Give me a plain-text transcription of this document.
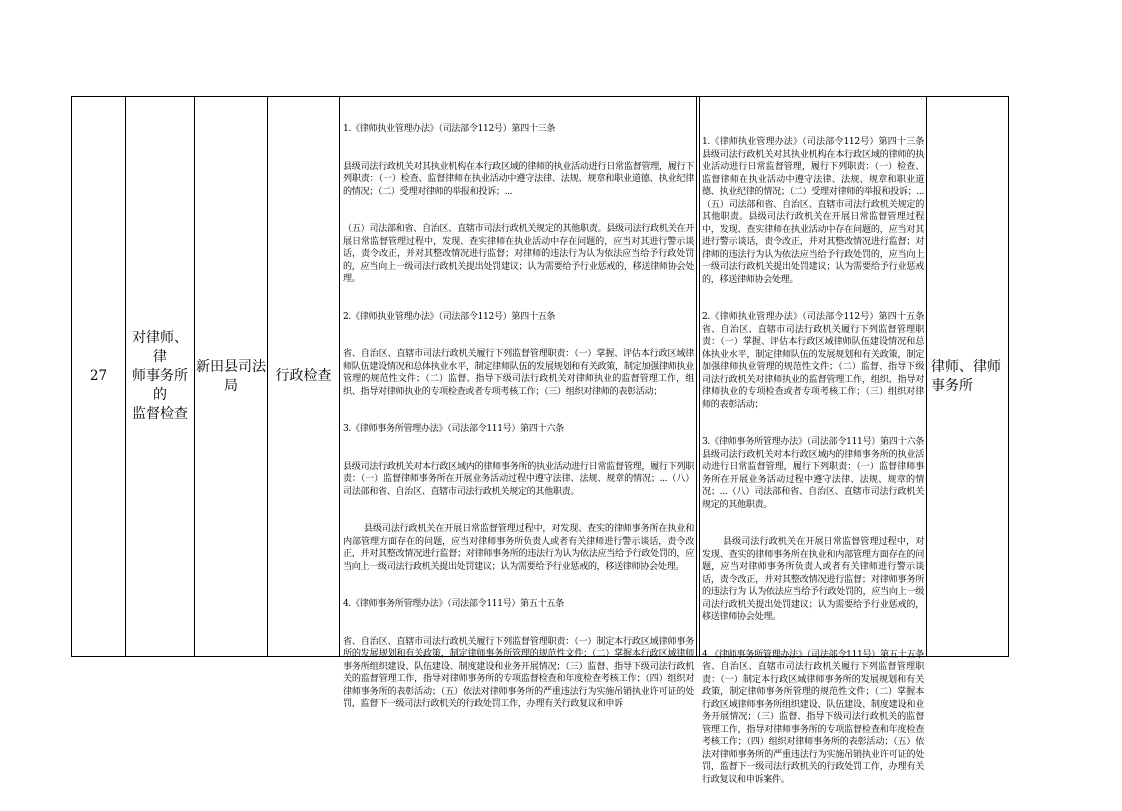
27
对律师、律
师事务所的
监督检查
新田县司法
局
行政检查

1.《律师执业管理办法》（司法部令112号）第四十三条

县级司法行政机关对其执业机构在本行政区域的律师的执业活动进行日常监督管理，履行下列职责：（一）检查、监督律师在执业活动中遵守法律、法规、规章和职业道德、执业纪律的情况；（二）受理对律师的举报和投诉；...

（五）司法部和省、自治区、直辖市司法行政机关规定的其他职责。县级司法行政机关在开展日常监督管理过程中，发现、查实律师在执业活动中存在问题的，应当对其进行警示谈话，责令改正，并对其整改情况进行监督；对律师的违法行为认为依法应当给予行政处罚的，应当向上一级司法行政机关提出处罚建议；认为需要给予行业惩戒的，移送律师协会处理。

2.《律师执业管理办法》（司法部令112号）第四十五条

省、自治区、直辖市司法行政机关履行下列监督管理职责：（一）掌握、评估本行政区域律师队伍建设情况和总体执业水平，制定律师队伍的发展规划和有关政策，制定加强律师执业管理的规范性文件；（二）监督、指导下级司法行政机关对律师执业的监督管理工作，组织、指导对律师执业的专项检查或者专项考核工作；（三）组织对律师的表彰活动；

3.《律师事务所管理办法》（司法部令111号）第四十六条

县级司法行政机关对本行政区域内的律师事务所的执业活动进行日常监督管理，履行下列职责：（一）监督律师事务所在开展业务活动过程中遵守法律、法规、规章的情况；...（八）司法部和省、自治区、直辖市司法行政机关规定的其他职责。

县级司法行政机关在开展日常监督管理过程中，对发现、查实的律师事务所在执业和内部管理方面存在的问题，应当对律师事务所负责人或者有关律师进行警示谈话，责令改正，并对其整改情况进行监督；对律师事务所的违法行为认为依法应当给予行政处罚的，应当向上一级司法行政机关提出处罚建议；认为需要给予行业惩戒的，移送律师协会处理。

4.《律师事务所管理办法》（司法部令111号）第五十五条

省、自治区、直辖市司法行政机关履行下列监督管理职责：（一）制定本行政区域律师事务所的发展规划和有关政策，制定律师事务所管理的规范性文件；（二）掌握本行政区域律师事务所组织建设、队伍建设、制度建设和业务开展情况；（三）监督、指导下级司法行政机关的监督管理工作，指导对律师事务所的专项监督检查和年度检查考核工作；（四）组织对律师事务所的表彰活动；（五）依法对律师事务所的严重违法行为实施吊销执业许可证的处罚，监督下一级司法行政机关的行政处罚工作，办理有关行政复议和申诉

1.《律师执业管理办法》（司法部令112号）第四十三条　县级司法行政机关对其执业机构在本行政区域的律师的执业活动进行日常监督管理，履行下列职责：（一）检查、监督律师在执业活动中遵守法律、法规、规章和职业道德、执业纪律的情况；（二）受理对律师的举报和投诉；...（五）司法部和省、自治区、直辖市司法行政机关规定的其他职责。县级司法行政机关在开展日常监督管理过程中，发现、查实律师在执业活动中存在问题的，应当对其进行警示谈话，责令改正，并对其整改情况进行监督；对律师的违法行为认为依法应当给予行政处罚的，应当向上一级司法行政机关提出处罚建议；认为需要给予行业惩戒的，移送律师协会处理。

2.《律师执业管理办法》（司法部令112号）第四十五条　省、自治区、直辖市司法行政机关履行下列监督管理职责：（一）掌握、评估本行政区域律师队伍建设情况和总体执业水平，制定律师队伍的发展规划和有关政策，制定加强律师执业管理的规范性文件；（二）监督、指导下级司法行政机关对律师执业的监督管理工作，组织、指导对律师执业的专项检查或者专项考核工作；（三）组织对律师的表彰活动；

3.《律师事务所管理办法》（司法部令111号）第四十六条　县级司法行政机关对本行政区域内的律师事务所的执业活动进行日常监督管理，履行下列职责：（一）监督律师事务所在开展业务活动过程中遵守法律、法规、规章的情况；...（八）司法部和省、自治区、直辖市司法行政机关规定的其他职责。

县级司法行政机关在开展日常监督管理过程中，对发现、查实的律师事务所在执业和内部管理方面存在的问题，应当对律师事务所负责人或者有关律师进行警示谈话，责令改正，并对其整改情况进行监督；对律师事务所的违法行为 认为依法应当给予行政处罚的，应当向上一级司法行政机关提出处罚建议；认为需要给予行业惩戒的，移送律师协会处理。

4.《律师事务所管理办法》（司法部令111号）第五十五条　省、自治区、直辖市司法行政机关履行下列监督管理职责：（一）制定本行政区域律师事务所的发展规划和有关政策，制定律师事务所管理的规范性文件；（二）掌握本行政区域律师事务所组织建设、队伍建设、制度建设和业务开展情况；（三）监督、指导下级司法行政机关的监督管理工作，指导对律师事务所的专项监督检查和年度检查考核工作；（四）组织对律师事务所的表彰活动；（五）依法对律师事务所的严重违法行为实施吊销执业许可证的处罚，监督下一级司法行政机关的行政处罚工作，办理有关行政复议和申诉案件。

律师、律师
事务所
